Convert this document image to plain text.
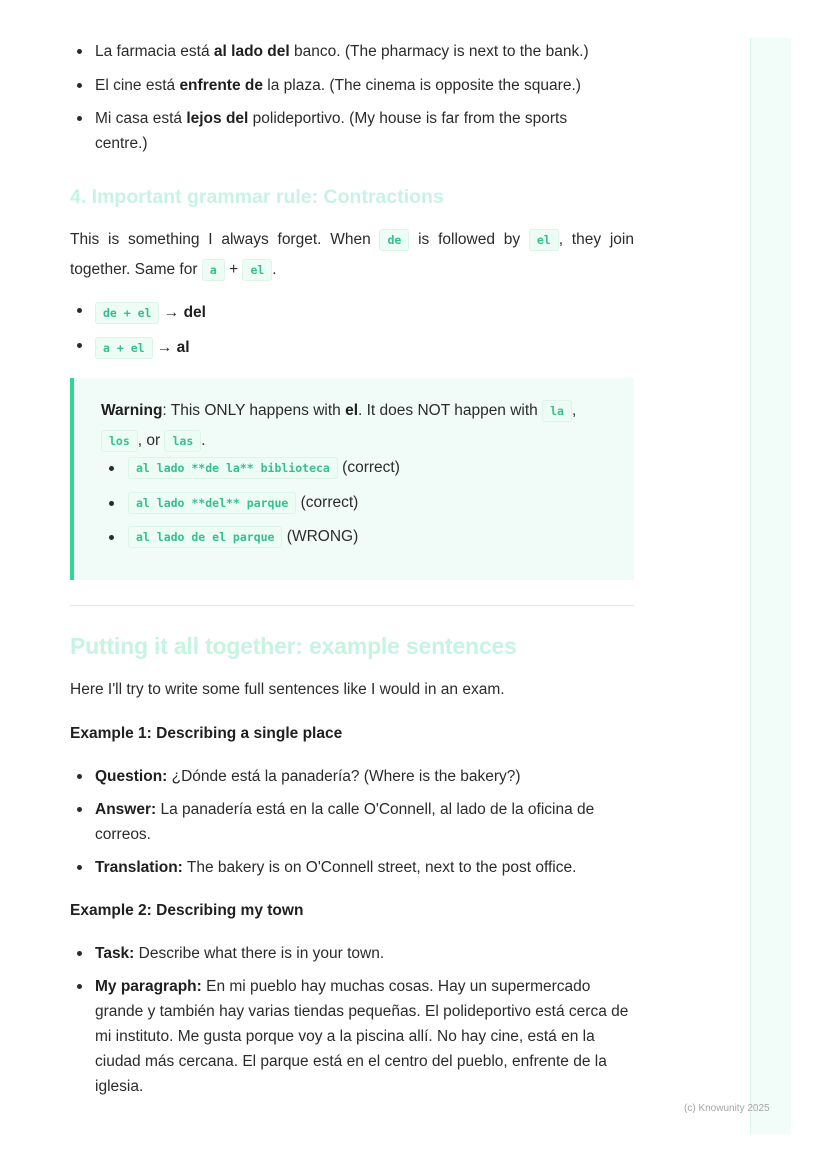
La farmacia está al lado del banco. (The pharmacy is next to the bank.)
El cine está enfrente de la plaza. (The cinema is opposite the square.)
Mi casa está lejos del polideportivo. (My house is far from the sports centre.)
4. Important grammar rule: Contractions
This is something I always forget. When de is followed by el , they join together. Same for a + el .
de + el → del
a + el → al
Warning: This ONLY happens with el. It does NOT happen with la , los , or las .
al lado **de la** biblioteca (correct)
al lado **del** parque (correct)
al lado de el parque (WRONG)
Putting it all together: example sentences
Here I'll try to write some full sentences like I would in an exam.
Example 1: Describing a single place
Question: ¿Dónde está la panadería? (Where is the bakery?)
Answer: La panadería está en la calle O'Connell, al lado de la oficina de correos.
Translation: The bakery is on O'Connell street, next to the post office.
Example 2: Describing my town
Task: Describe what there is in your town.
My paragraph: En mi pueblo hay muchas cosas. Hay un supermercado grande y también hay varias tiendas pequeñas. El polideportivo está cerca de mi instituto. Me gusta porque voy a la piscina allí. No hay cine, está en la ciudad más cercana. El parque está en el centro del pueblo, enfrente de la iglesia.
(c) Knowunity 2025
